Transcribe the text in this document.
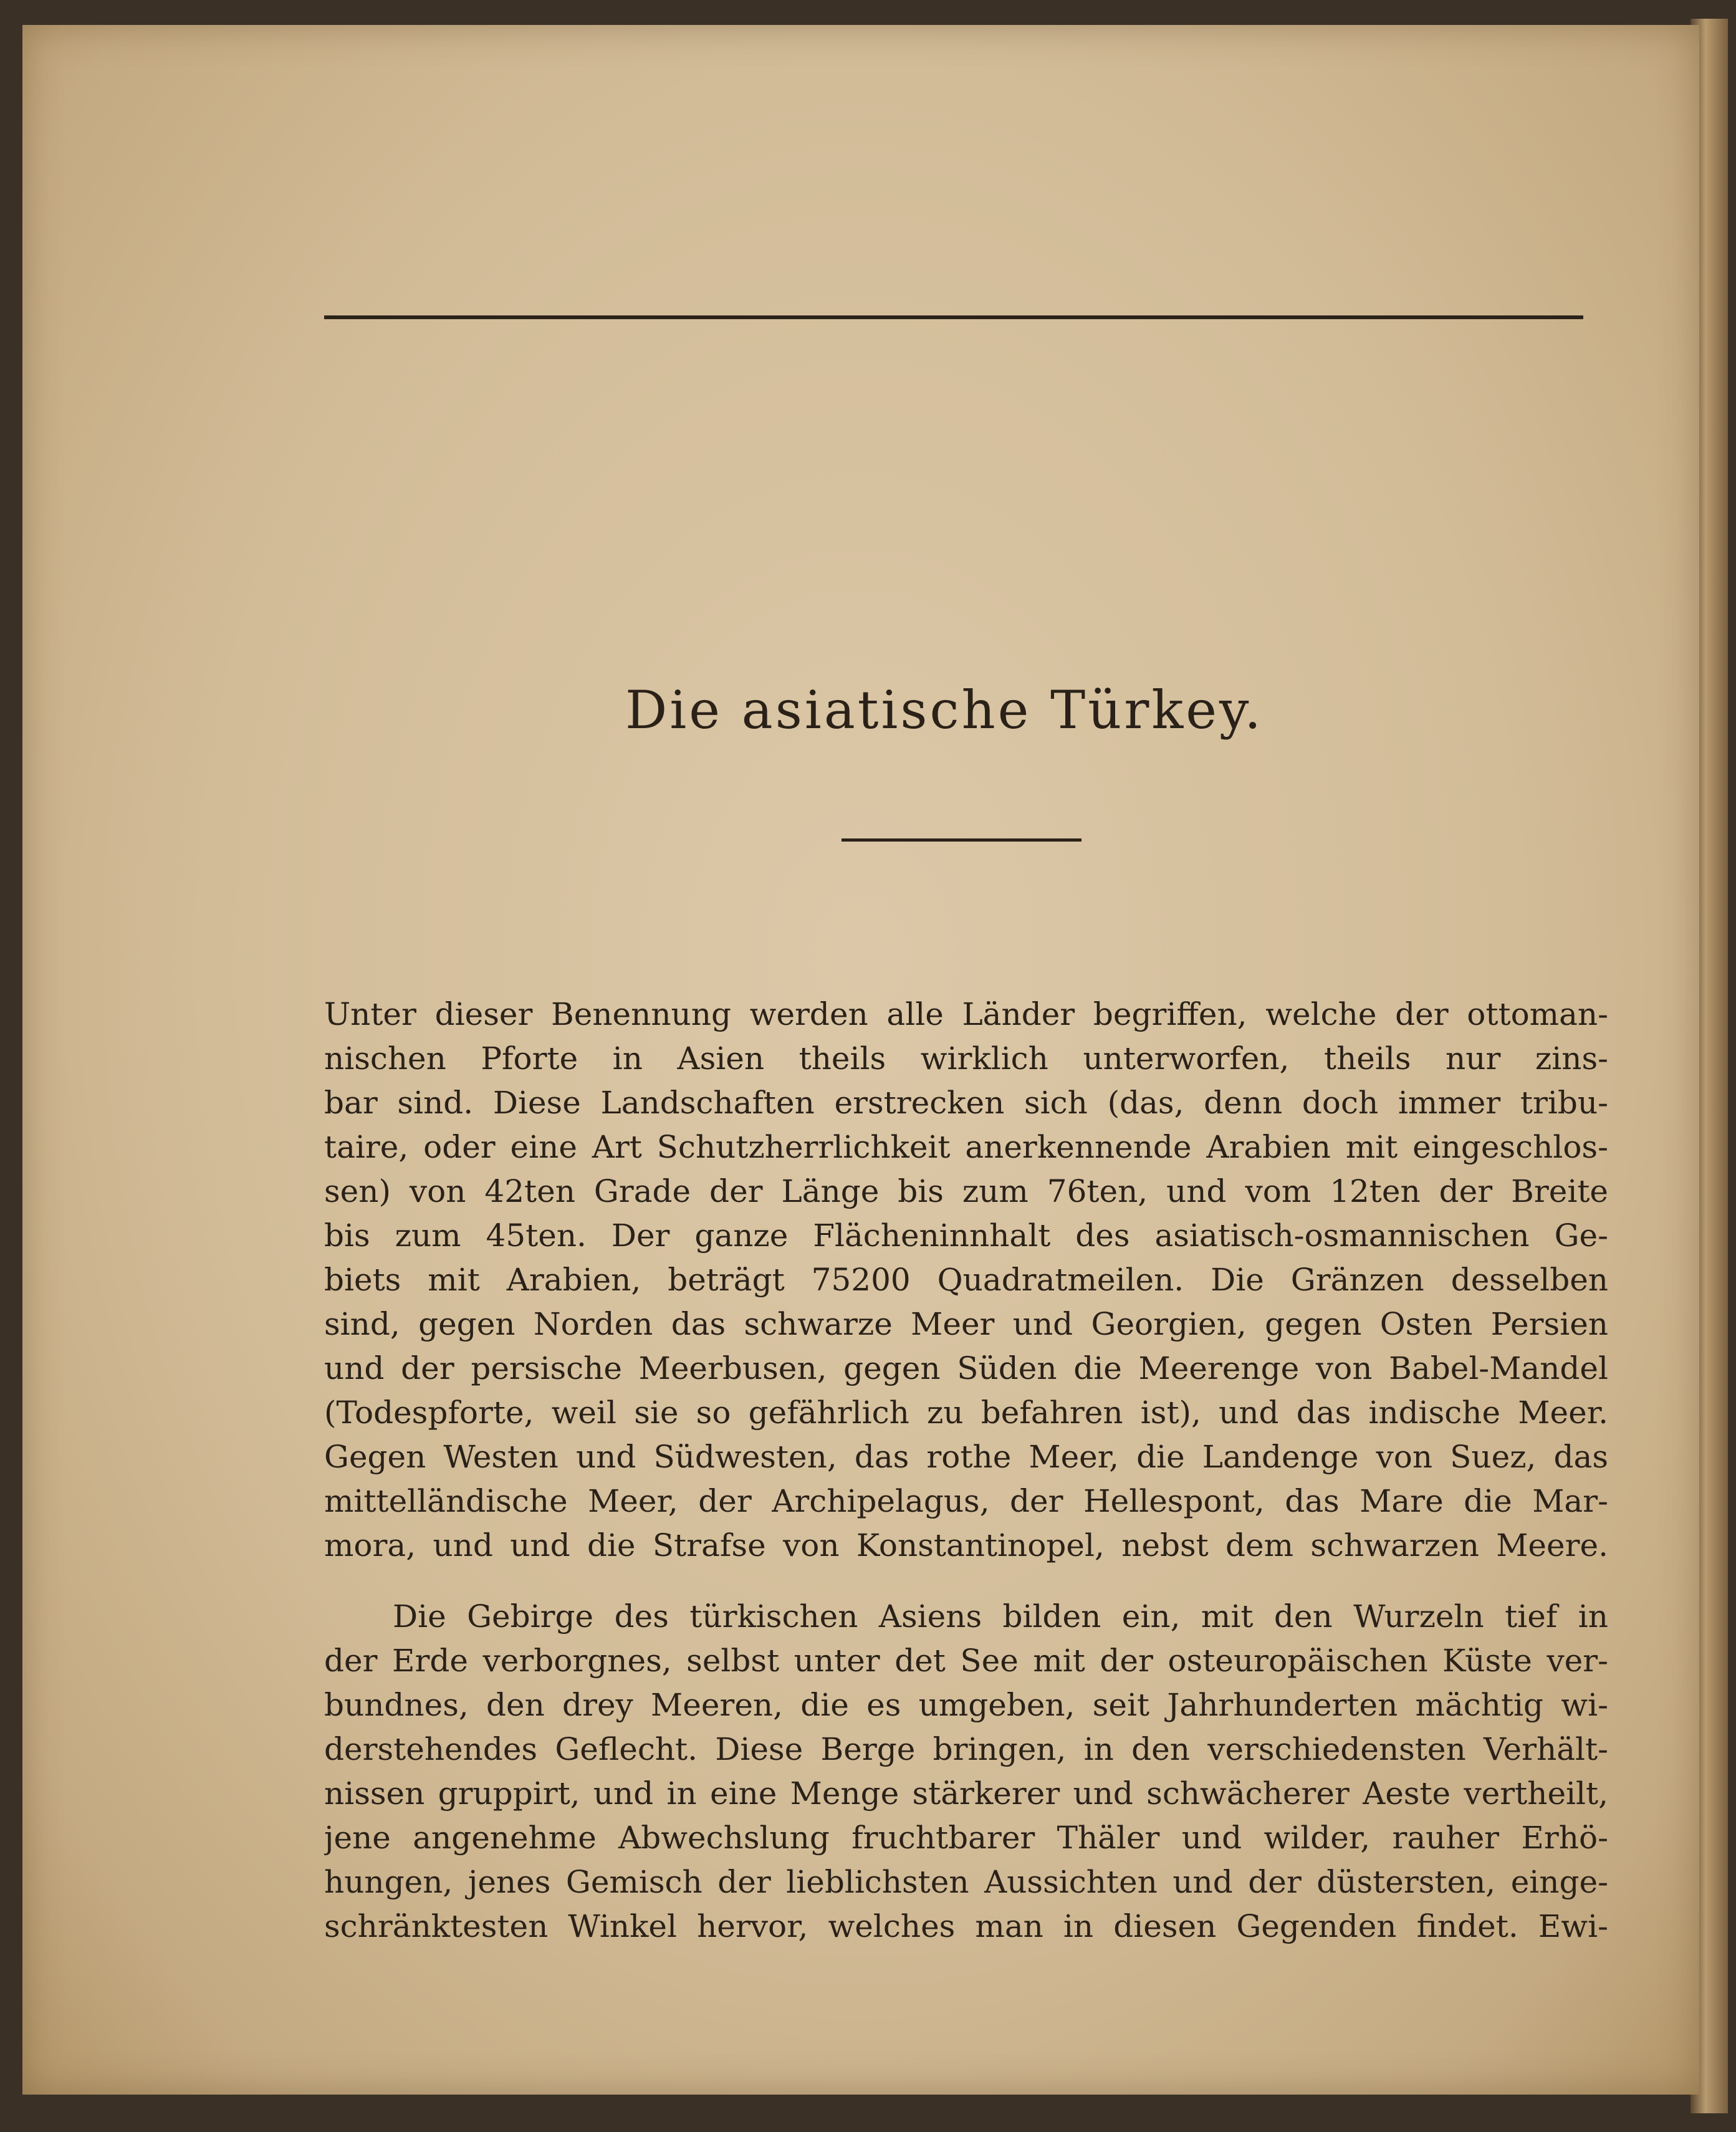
Die asiatische Türkey.
Unter dieser Benennung werden alle Länder begriffen, welche der ottoman-
nischen Pforte in Asien theils wirklich unterworfen, theils nur zins-
bar sind. Diese Landschaften erstrecken sich (das, denn doch immer tribu-
taire, oder eine Art Schutzherrlichkeit anerkennende Arabien mit eingeschlos-
sen) von 42ten Grade der Länge bis zum 76ten, und vom 12ten der Breite
bis zum 45ten. Der ganze Flächeninnhalt des asiatisch-osmannischen Ge-
biets mit Arabien, beträgt 75200 Quadratmeilen. Die Gränzen desselben
sind, gegen Norden das schwarze Meer und Georgien, gegen Osten Persien
und der persische Meerbusen, gegen Süden die Meerenge von Babel-Mandel
(Todespforte, weil sie so gefährlich zu befahren ist), und das indische Meer.
Gegen Westen und Südwesten, das rothe Meer, die Landenge von Suez, das
mittelländische Meer, der Archipelagus, der Hellespont, das Mare die Mar-
mora, und und die Strafse von Konstantinopel, nebst dem schwarzen Meere.
Die Gebirge des türkischen Asiens bilden ein, mit den Wurzeln tief in
der Erde verborgnes, selbst unter det See mit der osteuropäischen Küste ver-
bundnes, den drey Meeren, die es umgeben, seit Jahrhunderten mächtig wi-
derstehendes Geflecht. Diese Berge bringen, in den verschiedensten Verhält-
nissen gruppirt, und in eine Menge stärkerer und schwächerer Aeste vertheilt,
jene angenehme Abwechslung fruchtbarer Thäler und wilder, rauher Erhö-
hungen, jenes Gemisch der lieblichsten Aussichten und der düstersten, einge-
schränktesten Winkel hervor, welches man in diesen Gegenden findet. Ewi-
